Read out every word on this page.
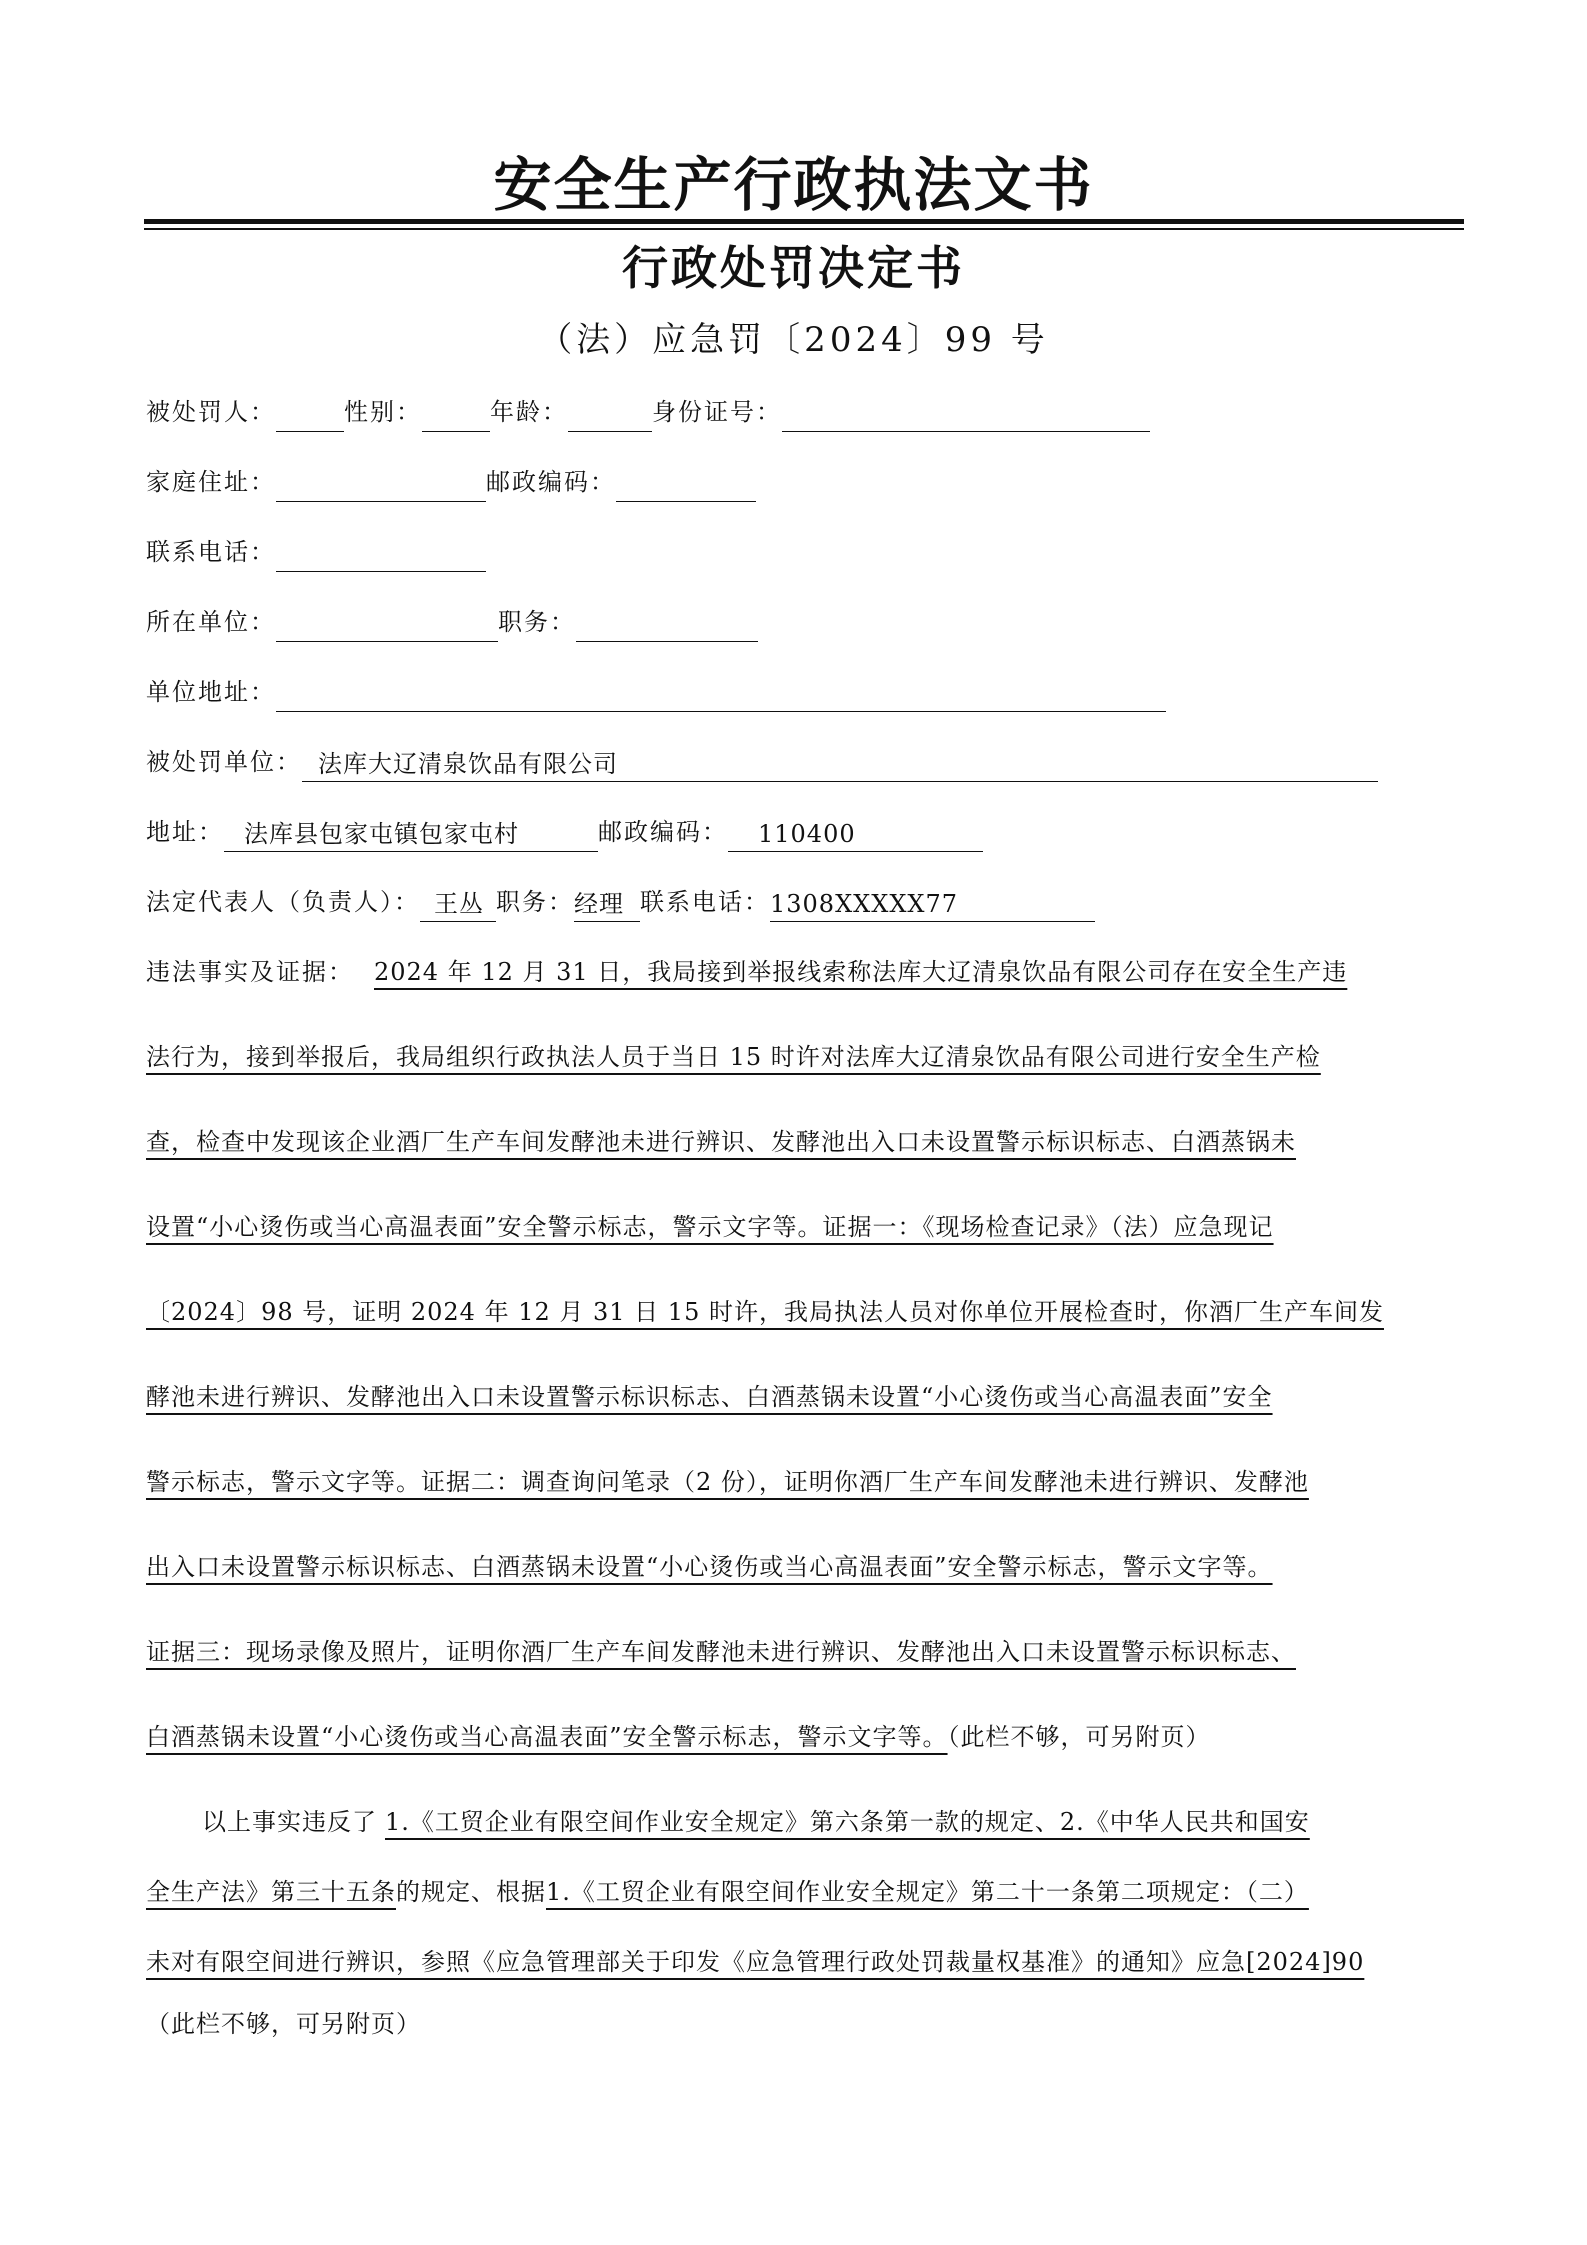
安全生产行政执法文书
行政处罚决定书
（法）应急罚〔2024〕99 号
被处罚人：	性别：	年龄：	身份证号：
家庭住址：	邮政编码：
联系电话：
所在单位：	职务：
单位地址：
被处罚单位： 法库大辽清泉饮品有限公司
地址： 法库县包家屯镇包家屯村	邮政编码： 110400
法定代表人（负责人）： 王丛 职务：经理 联系电话：1308XXXXX77
违法事实及证据： 2024 年 12 月 31 日，我局接到举报线索称法库大辽清泉饮品有限公司存在安全生产违
法行为，接到举报后，我局组织行政执法人员于当日 15 时许对法库大辽清泉饮品有限公司进行安全生产检
查，检查中发现该企业酒厂生产车间发酵池未进行辨识、发酵池出入口未设置警示标识标志、白酒蒸锅未
设置“小心烫伤或当心高温表面”安全警示标志，警示文字等。证据一：《现场检查记录》（法）应急现记
〔2024〕98 号，证明 2024 年 12 月 31 日 15 时许，我局执法人员对你单位开展检查时，你酒厂生产车间发
酵池未进行辨识、发酵池出入口未设置警示标识标志、白酒蒸锅未设置“小心烫伤或当心高温表面”安全
警示标志，警示文字等。证据二：调查询问笔录（2 份），证明你酒厂生产车间发酵池未进行辨识、发酵池
出入口未设置警示标识标志、白酒蒸锅未设置“小心烫伤或当心高温表面”安全警示标志，警示文字等。
证据三：现场录像及照片，证明你酒厂生产车间发酵池未进行辨识、发酵池出入口未设置警示标识标志、
白酒蒸锅未设置“小心烫伤或当心高温表面”安全警示标志，警示文字等。（此栏不够，可另附页）
以上事实违反了 1.《工贸企业有限空间作业安全规定》第六条第一款的规定、2.《中华人民共和国安
全生产法》第三十五条的规定、根据1.《工贸企业有限空间作业安全规定》第二十一条第二项规定：（二）
未对有限空间进行辨识，参照《应急管理部关于印发《应急管理行政处罚裁量权基准》的通知》应急[2024]90
（此栏不够，可另附页）
